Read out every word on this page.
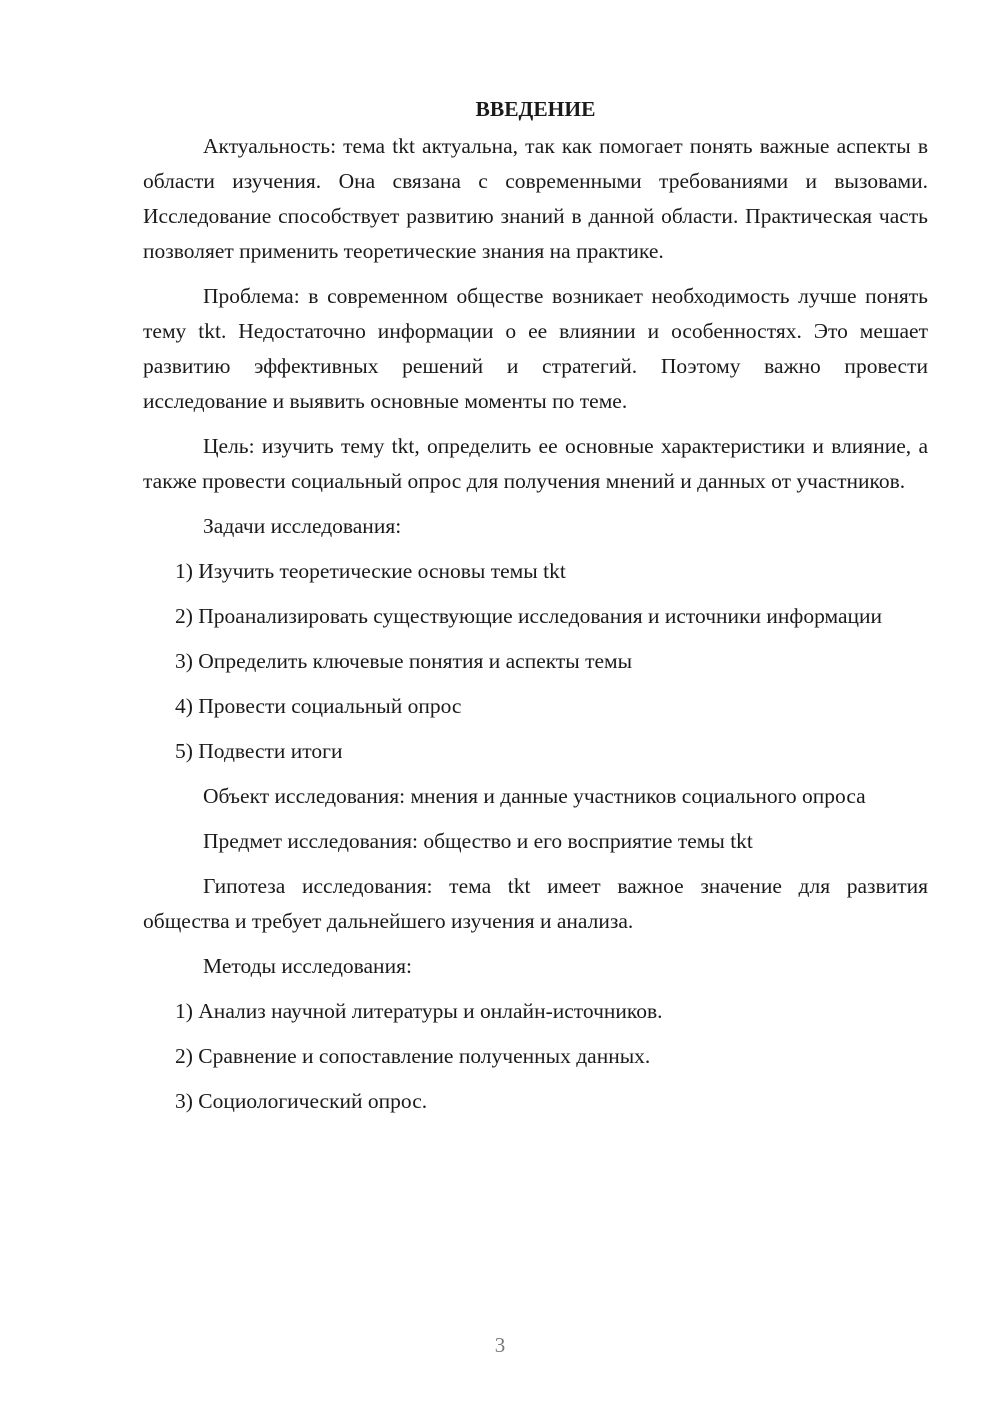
ВВЕДЕНИЕ

Актуальность: тема tkt актуальна, так как помогает понять важные аспекты в области изучения. Она связана с современными требованиями и вызовами. Исследование способствует развитию знаний в данной области. Практическая часть позволяет применить теоретические знания на практике.

Проблема: в современном обществе возникает необходимость лучше понять тему tkt. Недостаточно информации о ее влиянии и особенностях. Это мешает развитию эффективных решений и стратегий. Поэтому важно провести исследование и выявить основные моменты по теме.

Цель: изучить тему tkt, определить ее основные характеристики и влияние, а также провести социальный опрос для получения мнений и данных от участников.

Задачи исследования:

1) Изучить теоретические основы темы tkt

2) Проанализировать существующие исследования и источники информации

3) Определить ключевые понятия и аспекты темы

4) Провести социальный опрос

5) Подвести итоги

Объект исследования: мнения и данные участников социального опроса

Предмет исследования: общество и его восприятие темы tkt

Гипотеза исследования: тема tkt имеет важное значение для развития общества и требует дальнейшего изучения и анализа.

Методы исследования:

1) Анализ научной литературы и онлайн-источников.

2) Сравнение и сопоставление полученных данных.

3) Социологический опрос.

3
